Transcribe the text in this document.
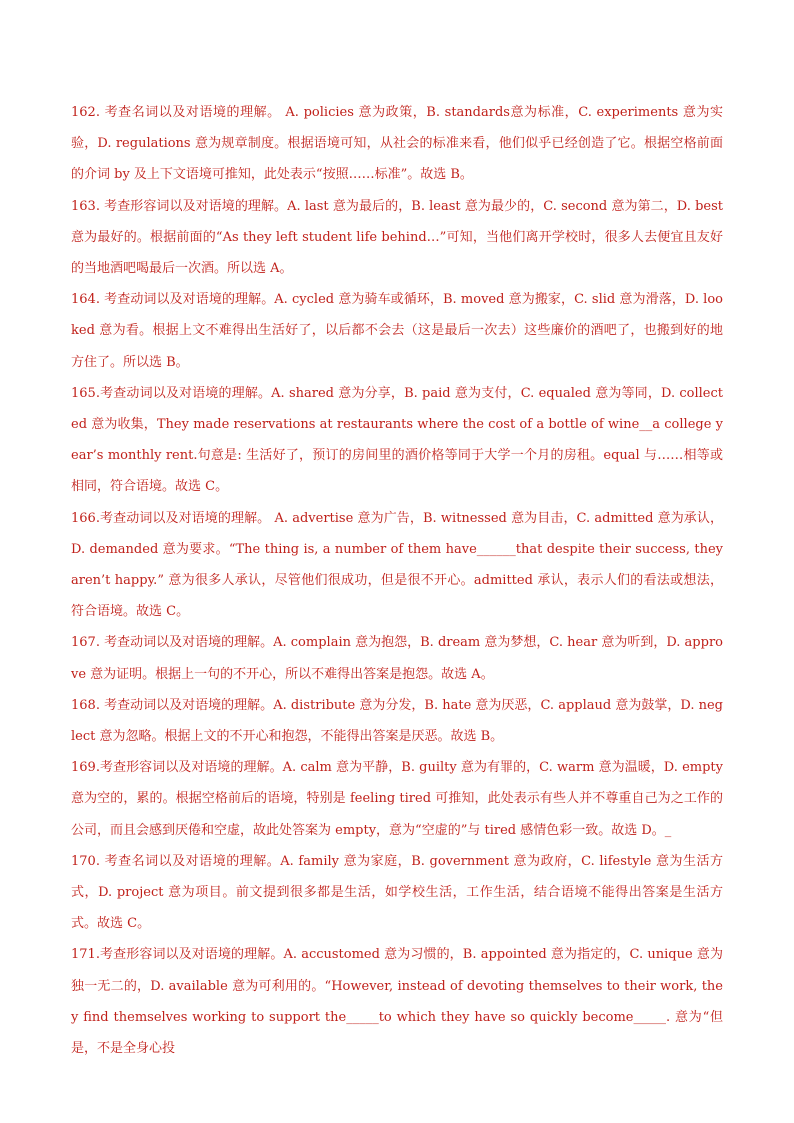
162. 考查名词以及对语境的理解。 A. policies 意为政策，B. standards意为标准，C. experiments 意为实验，D. regulations 意为规章制度。根据语境可知，从社会的标准来看，他们似乎已经创造了它。根据空格前面的介词 by 及上下文语境可推知，此处表示“按照……标准”。故选 B。

163. 考查形容词以及对语境的理解。A. last 意为最后的，B. least 意为最少的，C. second 意为第二，D. best 意为最好的。根据前面的“As they left student life behind…”可知，当他们离开学校时，很多人去便宜且友好的当地酒吧喝最后一次酒。所以选 A。

164. 考查动词以及对语境的理解。A. cycled 意为骑车或循环，B. moved 意为搬家，C. slid 意为滑落，D. looked 意为看。根据上文不难得出生活好了，以后都不会去（这是最后一次去）这些廉价的酒吧了，也搬到好的地方住了。所以选 B。

165.考查动词以及对语境的理解。A. shared 意为分享，B. paid 意为支付，C. equaled 意为等同，D. collected 意为收集，They made reservations at restaurants where the cost of a bottle of wine__a college year’s monthly rent.句意是: 生活好了，预订的房间里的酒价格等同于大学一个月的房租。equal 与……相等或相同，符合语境。故选 C。

166.考查动词以及对语境的理解。 A. advertise 意为广告，B. witnessed 意为目击，C. admitted 意为承认，D. demanded 意为要求。“The thing is, a number of them have______that despite their success, they aren’t happy.” 意为很多人承认，尽管他们很成功，但是很不开心。admitted 承认，表示人们的看法或想法，符合语境。故选 C。

167. 考查动词以及对语境的理解。A. complain 意为抱怨，B. dream 意为梦想，C. hear 意为听到，D. approve 意为证明。根据上一句的不开心，所以不难得出答案是抱怨。故选 A。

168. 考查动词以及对语境的理解。A. distribute 意为分发，B. hate 意为厌恶，C. applaud 意为鼓掌，D. neglect 意为忽略。根据上文的不开心和抱怨，不能得出答案是厌恶。故选 B。

169.考查形容词以及对语境的理解。A. calm 意为平静，B. guilty 意为有罪的，C. warm 意为温暖，D. empty 意为空的，累的。根据空格前后的语境，特别是 feeling tired 可推知，此处表示有些人并不尊重自己为之工作的公司，而且会感到厌倦和空虚，故此处答案为 empty，意为“空虚的”与 tired 感情色彩一致。故选 D。_

170. 考查名词以及对语境的理解。A. family 意为家庭，B. government 意为政府，C. lifestyle 意为生活方式，D. project 意为项目。前文提到很多都是生活，如学校生活，工作生活，结合语境不能得出答案是生活方式。故选 C。

171.考查形容词以及对语境的理解。A. accustomed 意为习惯的，B. appointed 意为指定的，C. unique 意为独一无二的，D. available 意为可利用的。“However, instead of devoting themselves to their work, they find themselves working to support the_____to which they have so quickly become_____. 意为“但是，不是全身心投
